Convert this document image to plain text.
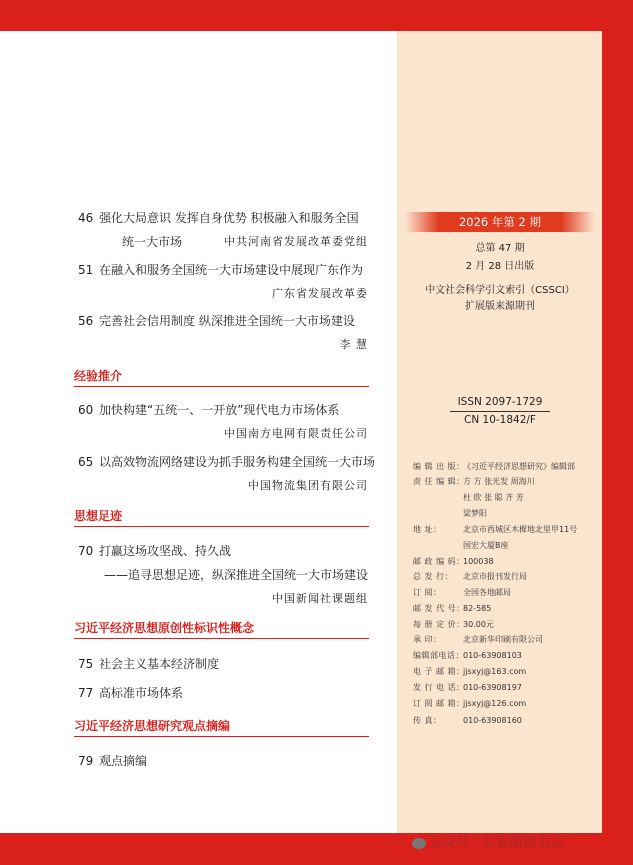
46 强化大局意识 发挥自身优势 积极融入和服务全国
统一大市场	中共河南省发展改革委党组
51 在融入和服务全国统一大市场建设中展现广东作为
广东省发展改革委
56 完善社会信用制度 纵深推进全国统一大市场建设
李 慧
经验推介
60 加快构建“五统一、一开放”现代电力市场体系
中国南方电网有限责任公司
65 以高效物流网络建设为抓手服务构建全国统一大市场
中国物流集团有限公司
思想足迹
70 打赢这场攻坚战、持久战
——追寻思想足迹，纵深推进全国统一大市场建设
中国新闻社课题组
习近平经济思想原创性标识性概念
75 社会主义基本经济制度
77 高标准市场体系
习近平经济思想研究观点摘编
79 观点摘编
2026 年第 2 期
总第 47 期
2 月 28 日出版
中文社会科学引文索引（CSSCI）
扩展版来源期刊
ISSN 2097-1729
CN 10-1842/F
编 辑 出 版：《习近平经济思想研究》编辑部
责 任 编 辑：方 方 张光发 周海川
杜 欣 张 聪 齐 芳
梁梦阳
地 址：	北京市西城区木樨地北里甲11号
国宏大厦B座
邮 政 编 码：100038
总 发 行： 北京市报刊发行局
订 阅：	全国各地邮局
邮 发 代 号：82-585
每 册 定 价：30.00元
承 印：	北京新华印刷有限公司
编辑部电话：010-63908103
电 子 邮 箱：jjsxyj@163.com
发 行 电 话：010-63908197
订 阅 邮 箱：jjsxyj@126.com
传 真：	010-63908160
公众号 · 长安街读书会
